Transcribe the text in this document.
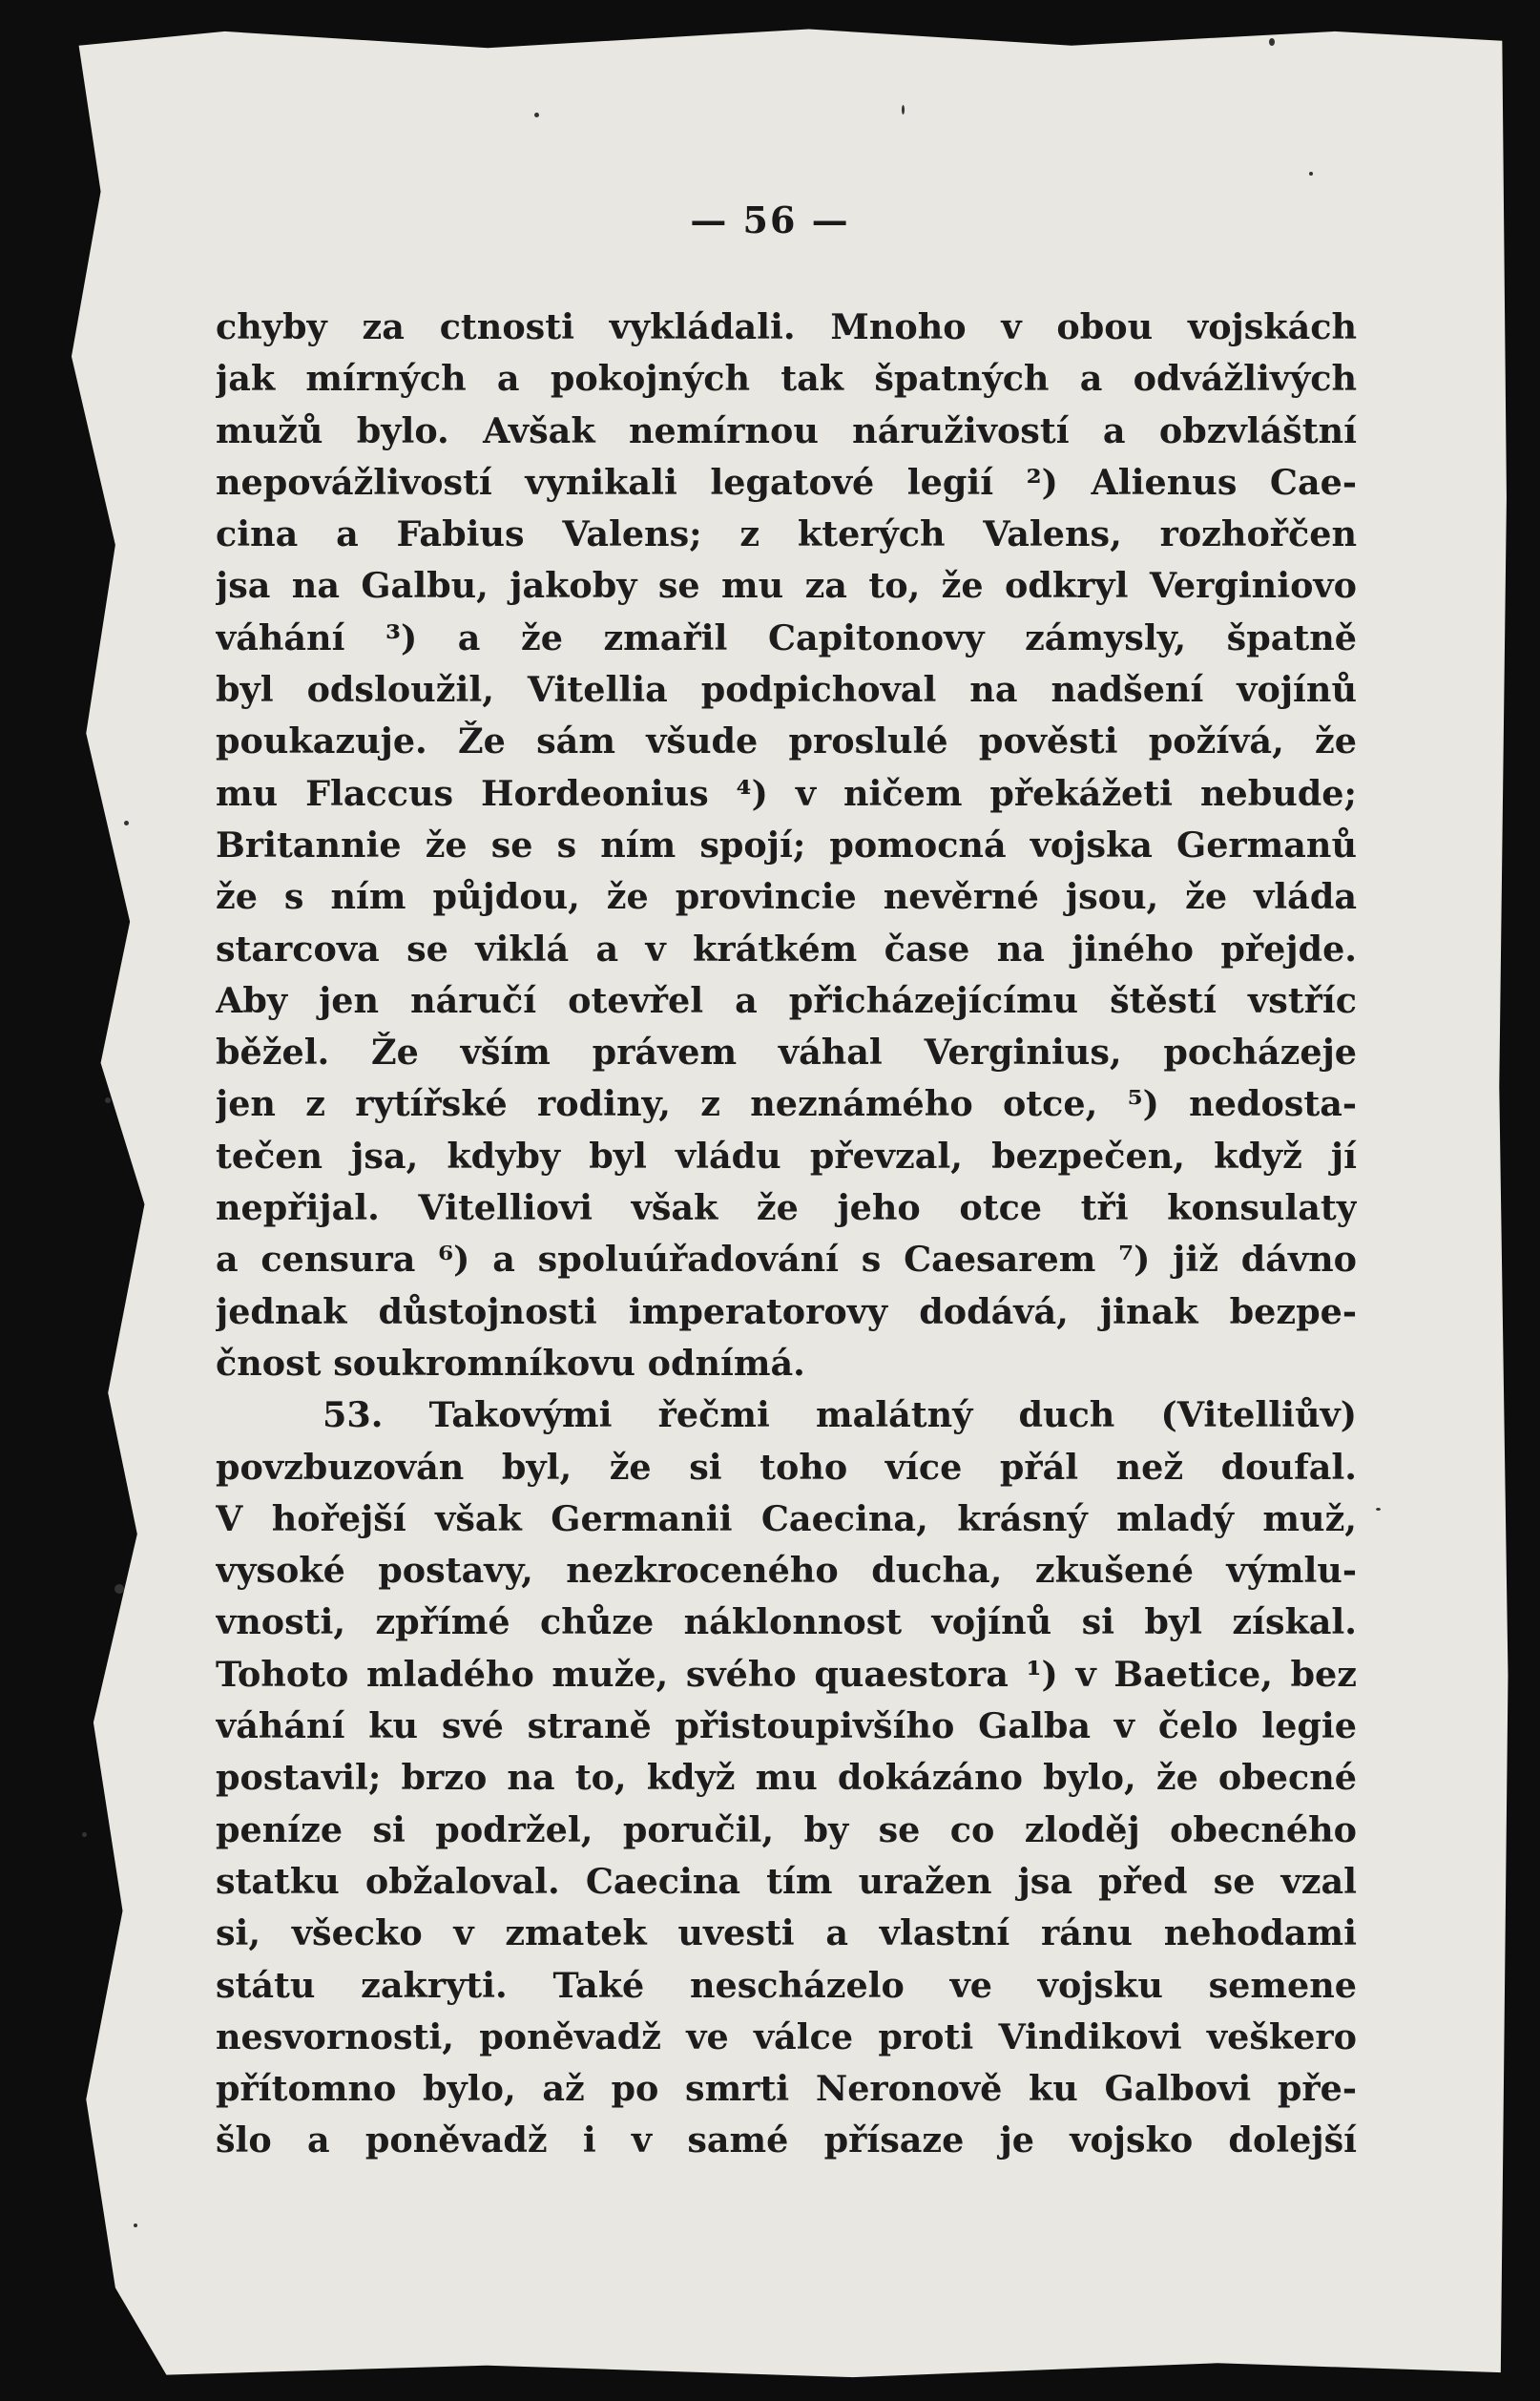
— 56 —
chyby za ctnosti vykládali. Mnoho v obou vojskách
jak mírných a pokojných tak špatných a odvážlivých
mužů bylo. Avšak nemírnou náruživostí a obzvláštní
nepovážlivostí vynikali legatové legií ²) Alienus Cae-
cina a Fabius Valens; z kterých Valens, rozhořčen
jsa na Galbu, jakoby se mu za to, že odkryl Verginiovo
váhání ³) a že zmařil Capitonovy zámysly, špatně
byl odsloužil, Vitellia podpichoval na nadšení vojínů
poukazuje. Že sám všude proslulé pověsti požívá, že
mu Flaccus Hordeonius ⁴) v ničem překážeti nebude;
Britannie že se s ním spojí; pomocná vojska Germanů
že s ním půjdou, že provincie nevěrné jsou, že vláda
starcova se viklá a v krátkém čase na jiného přejde.
Aby jen náručí otevřel a přicházejícímu štěstí vstříc
běžel. Že vším právem váhal Verginius, pocházeje
jen z rytířské rodiny, z neznámého otce, ⁵) nedosta-
tečen jsa, kdyby byl vládu převzal, bezpečen, když jí
nepřijal. Vitelliovi však že jeho otce tři konsulaty
a censura ⁶) a spoluúřadování s Caesarem ⁷) již dávno
jednak důstojnosti imperatorovy dodává, jinak bezpe-
čnost soukromníkovu odnímá.
53. Takovými řečmi malátný duch (Vitelliův)
povzbuzován byl, že si toho více přál než doufal.
V hořejší však Germanii Caecina, krásný mladý muž,
vysoké postavy, nezkroceného ducha, zkušené výmlu-
vnosti, zpřímé chůze náklonnost vojínů si byl získal.
Tohoto mladého muže, svého quaestora ¹) v Baetice, bez
váhání ku své straně přistoupivšího Galba v čelo legie
postavil; brzo na to, když mu dokázáno bylo, že obecné
peníze si podržel, poručil, by se co zloděj obecného
statku obžaloval. Caecina tím uražen jsa před se vzal
si, všecko v zmatek uvesti a vlastní ránu nehodami
státu zakryti. Také nescházelo ve vojsku semene
nesvornosti, poněvadž ve válce proti Vindikovi veškero
přítomno bylo, až po smrti Neronově ku Galbovi pře-
šlo a poněvadž i v samé přísaze je vojsko dolejší
